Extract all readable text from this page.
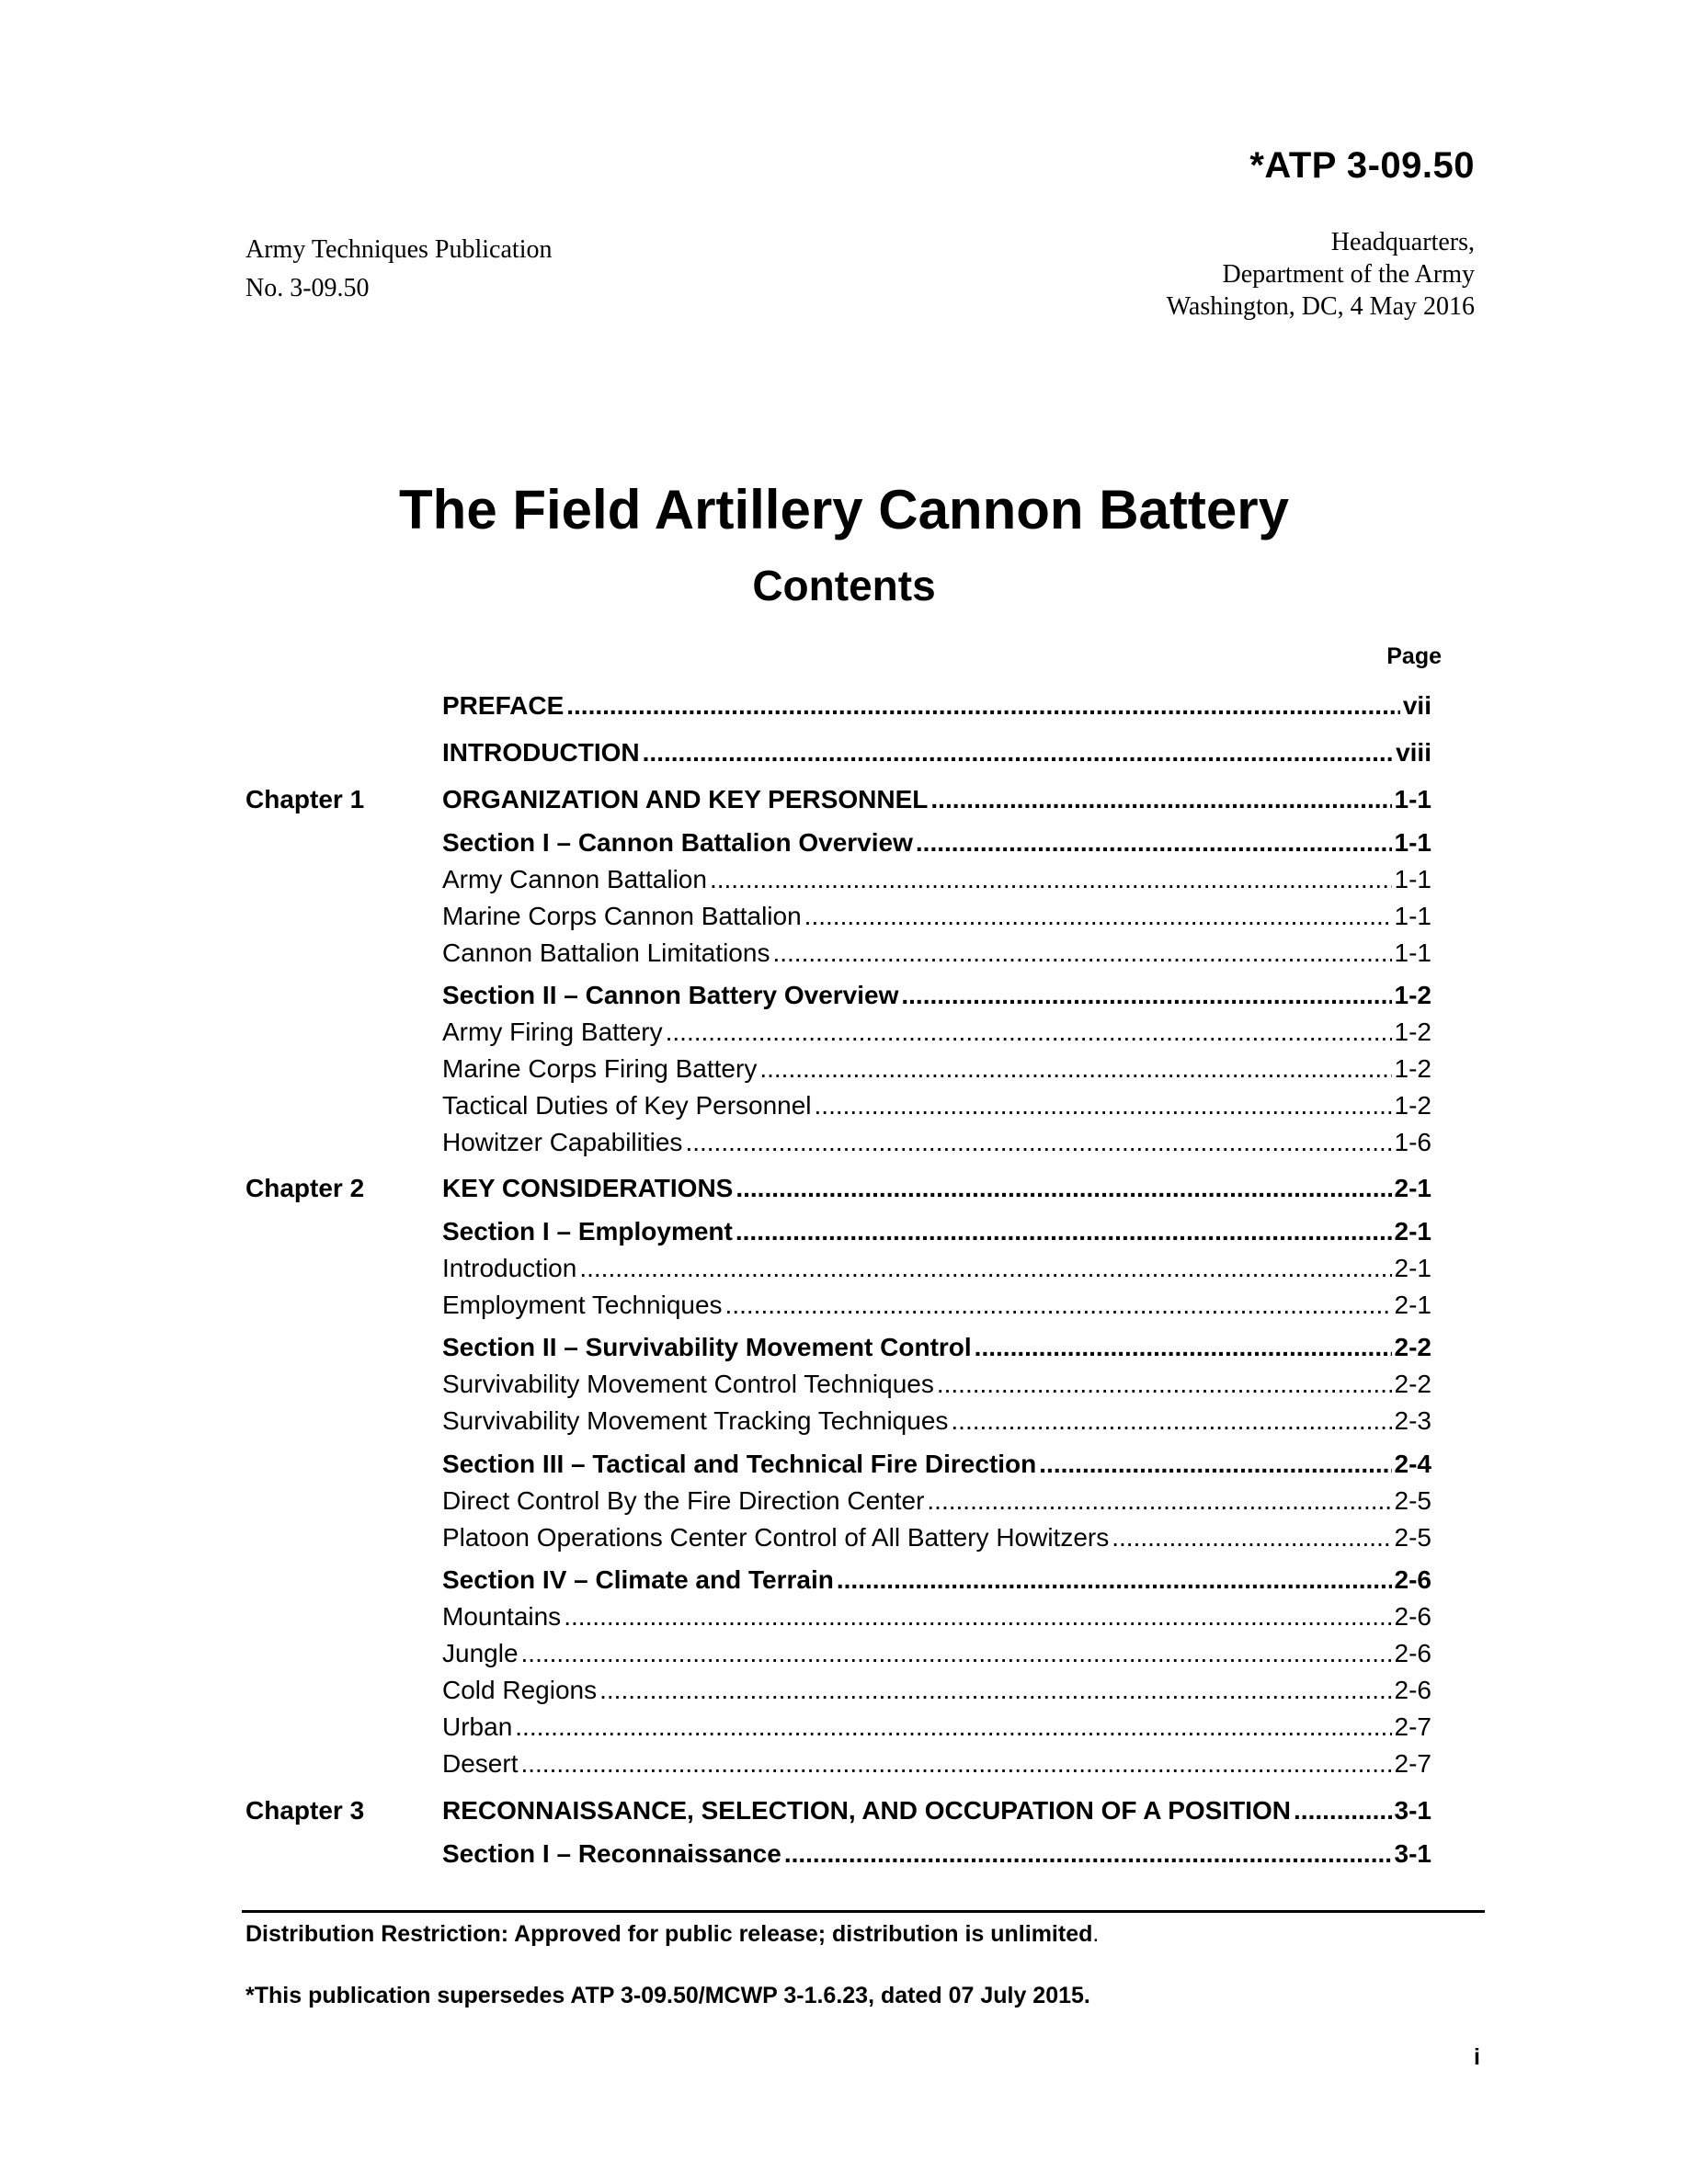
*ATP 3-09.50
Army Techniques Publication
No. 3-09.50
Headquarters,
Department of the Army
Washington, DC, 4 May 2016
The Field Artillery Cannon Battery
Contents
Page
PREFACE .....	vii
INTRODUCTION .....	viii
Chapter 1	ORGANIZATION AND KEY PERSONNEL .....	1-1
Section I – Cannon Battalion Overview .....	1-1
Army Cannon Battalion .....	1-1
Marine Corps Cannon Battalion .....	1-1
Cannon Battalion Limitations .....	1-1
Section II – Cannon Battery Overview .....	1-2
Army Firing Battery .....	1-2
Marine Corps Firing Battery .....	1-2
Tactical Duties of Key Personnel .....	1-2
Howitzer Capabilities .....	1-6
Chapter 2	KEY CONSIDERATIONS .....	2-1
Section I – Employment .....	2-1
Introduction .....	2-1
Employment Techniques .....	2-1
Section II – Survivability Movement Control .....	2-2
Survivability Movement Control Techniques .....	2-2
Survivability Movement Tracking Techniques .....	2-3
Section III – Tactical and Technical Fire Direction .....	2-4
Direct Control By the Fire Direction Center .....	2-5
Platoon Operations Center Control of All Battery Howitzers .....	2-5
Section IV – Climate and Terrain .....	2-6
Mountains .....	2-6
Jungle .....	2-6
Cold Regions .....	2-6
Urban .....	2-7
Desert .....	2-7
Chapter 3	RECONNAISSANCE, SELECTION, AND OCCUPATION OF A POSITION .....	3-1
Section I – Reconnaissance .....	3-1
Distribution Restriction: Approved for public release; distribution is unlimited.
*This publication supersedes ATP 3-09.50/MCWP 3-1.6.23, dated 07 July 2015.
i
